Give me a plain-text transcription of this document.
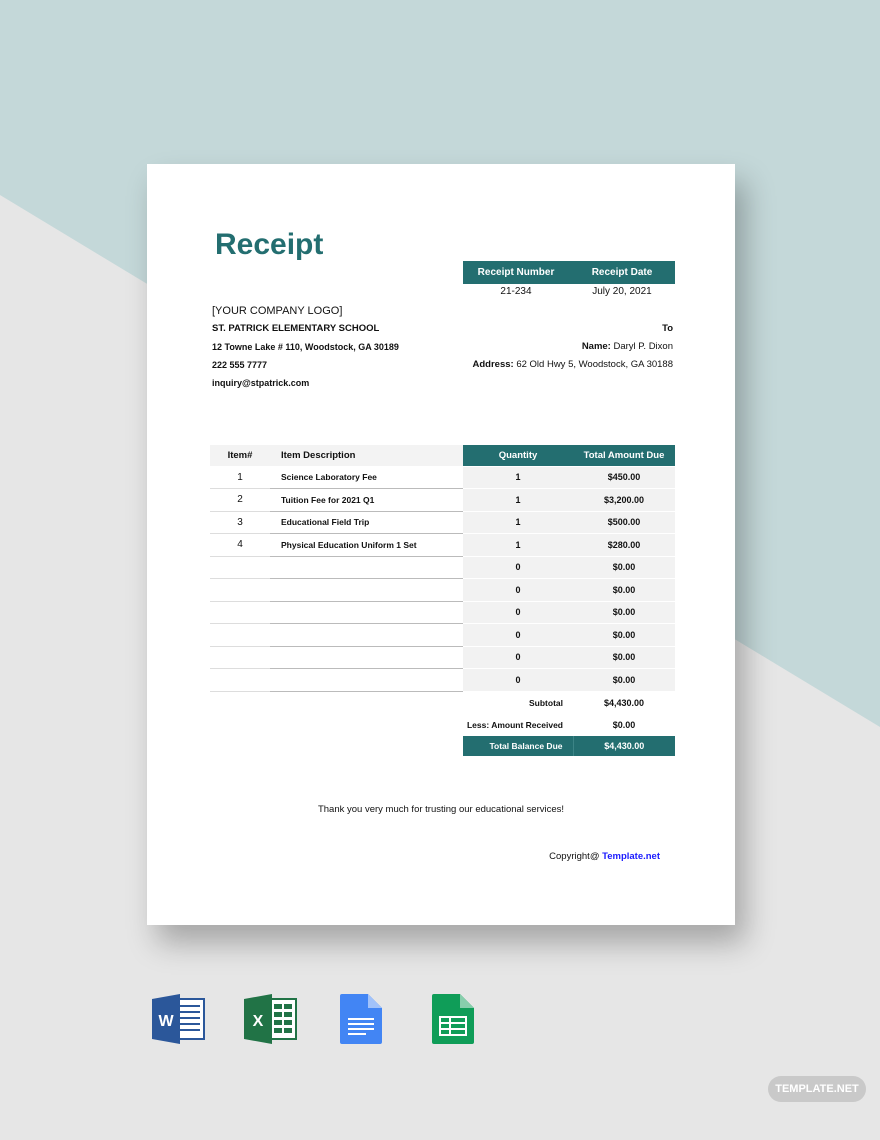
Receipt
Receipt Number	Receipt Date
21-234	July 20, 2021
[YOUR COMPANY LOGO]
ST. PATRICK ELEMENTARY SCHOOL
12 Towne Lake # 110, Woodstock, GA 30189
222 555 7777
inquiry@stpatrick.com
To
Name: Daryl P. Dixon
Address: 62 Old Hwy 5, Woodstock, GA 30188
Item#	Item Description	Quantity	Total Amount Due
1	Science Laboratory Fee	1	$450.00
2	Tuition Fee for 2021 Q1	1	$3,200.00
3	Educational Field Trip	1	$500.00
4	Physical Education Uniform 1 Set	1	$280.00
		0	$0.00
		0	$0.00
		0	$0.00
		0	$0.00
		0	$0.00
		0	$0.00
		Subtotal	$4,430.00
		Less: Amount Received	$0.00
		Total Balance Due	$4,430.00
Thank you very much for trusting our educational services!
Copyright@ Template.net
W	X
TEMPLATE.NET
